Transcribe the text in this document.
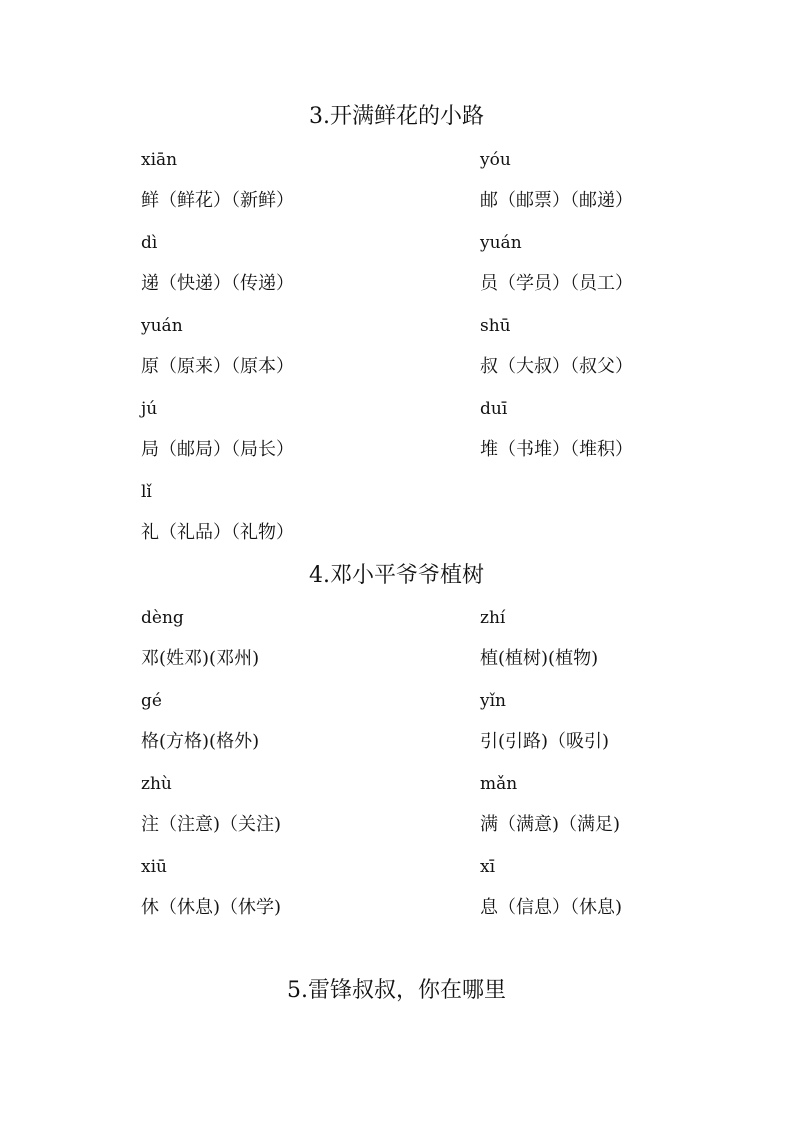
3.开满鲜花的小路
xiān
鲜（鲜花）（新鲜）
yóu
邮（邮票）（邮递）
dì
递（快递）（传递）
yuán
员（学员）（员工）
yuán
原（原来）（原本）
shū
叔（大叔）（叔父）
jú
局（邮局）（局长）
duī
堆（书堆）（堆积）
lǐ
礼（礼品）（礼物）
4.邓小平爷爷植树
dèng
邓(姓邓)(邓州)
zhí
植(植树)(植物)
gé
格(方格)(格外)
yǐn
引(引路)（吸引)
zhù
注（注意)（关注)
mǎn
满（满意)（满足)
xiū
休（休息)（休学)
xī
息（信息）（休息)
5.雷锋叔叔，你在哪里
